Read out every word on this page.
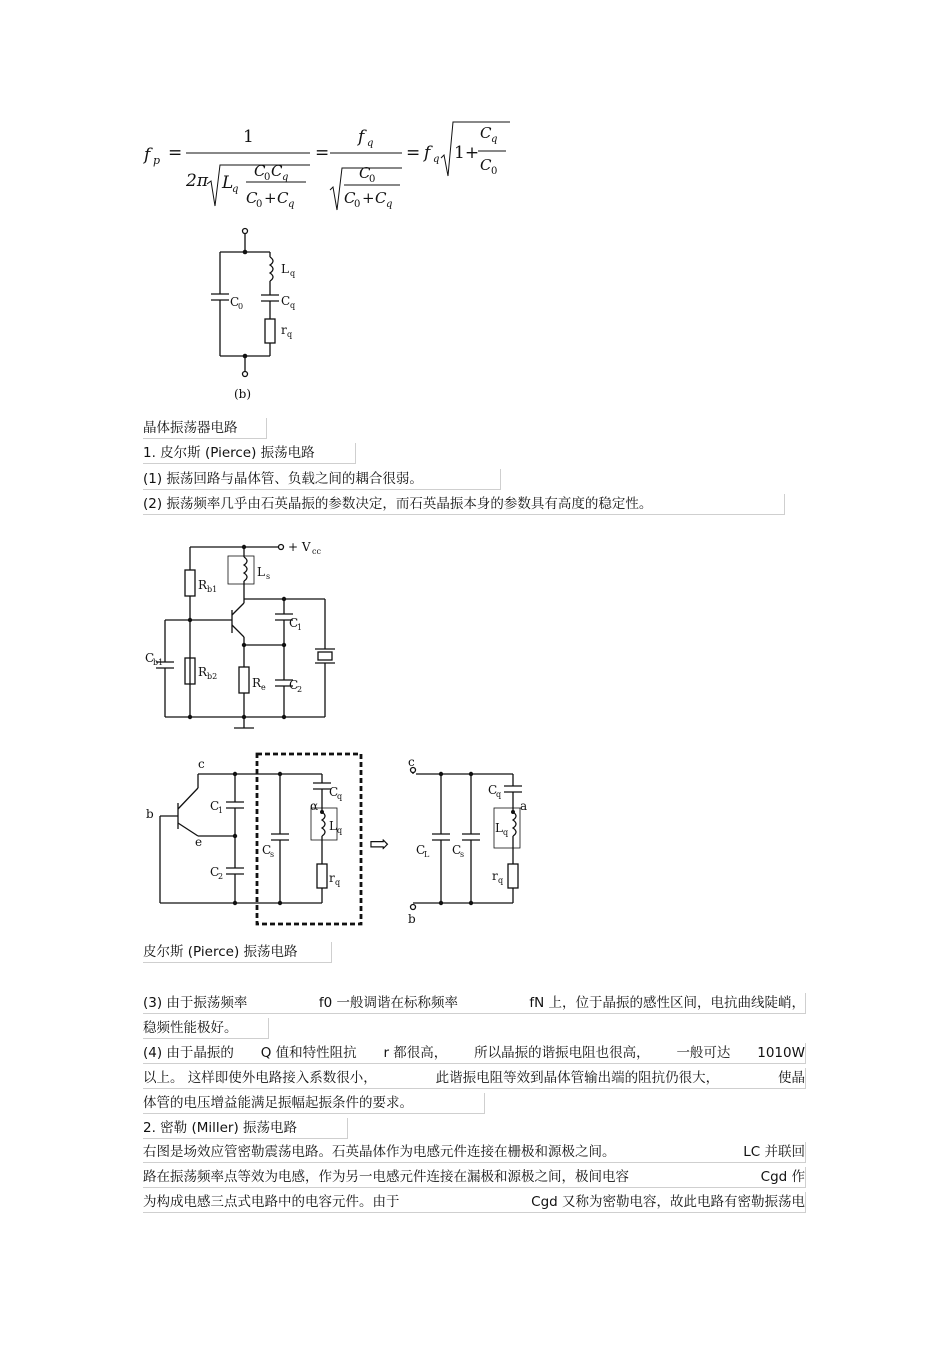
f p =
1
2π L
q
C
0 C q
C
0 + C q
=
f q
C
0
C
0 + C q
= f q 1+
C q
C 0
L q
C
0	C q
r q
(b)
晶体振荡器电路
1. 皮尔斯 (Pierce) 振荡电路
(1) 振荡回路与晶体管、负载之间的耦合很弱。
(2) 振荡频率几乎由石英晶振的参数决定，而石英晶振本身的参数具有高度的稳定性。
+ V cc
L s
R b1
R b2	R e
C
1
C
2
C
b1
c
b
e
C
1
C
2
C
s
C
q
α
L q
r q
⇨
c
b
C
L C
s
C
q
a
L q
r q
皮尔斯 (Pierce) 振荡电路
(3) 由于振荡频率	f0 一般调谐在标称频率	fN 上，位于晶振的感性区间，电抗曲线陡峭，
稳频性能极好。
(4) 由于晶振的 Q 值和特性阻抗 r 都很高， 所以晶振的谐振电阻也很高， 一般可达 1010W
以上。 这样即使外电路接入系数很小，	此谐振电阻等效到晶体管输出端的阻抗仍很大，	使晶
体管的电压增益能满足振幅起振条件的要求。
2. 密勒 (Miller) 振荡电路
右图是场效应管密勒震荡电路。石英晶体作为电感元件连接在栅极和源极之间。	LC 并联回
路在振荡频率点等效为电感，作为另一电感元件连接在漏极和源极之间，极间电容	Cgd 作
为构成电感三点式电路中的电容元件。由于	Cgd 又称为密勒电容，故此电路有密勒振荡电
